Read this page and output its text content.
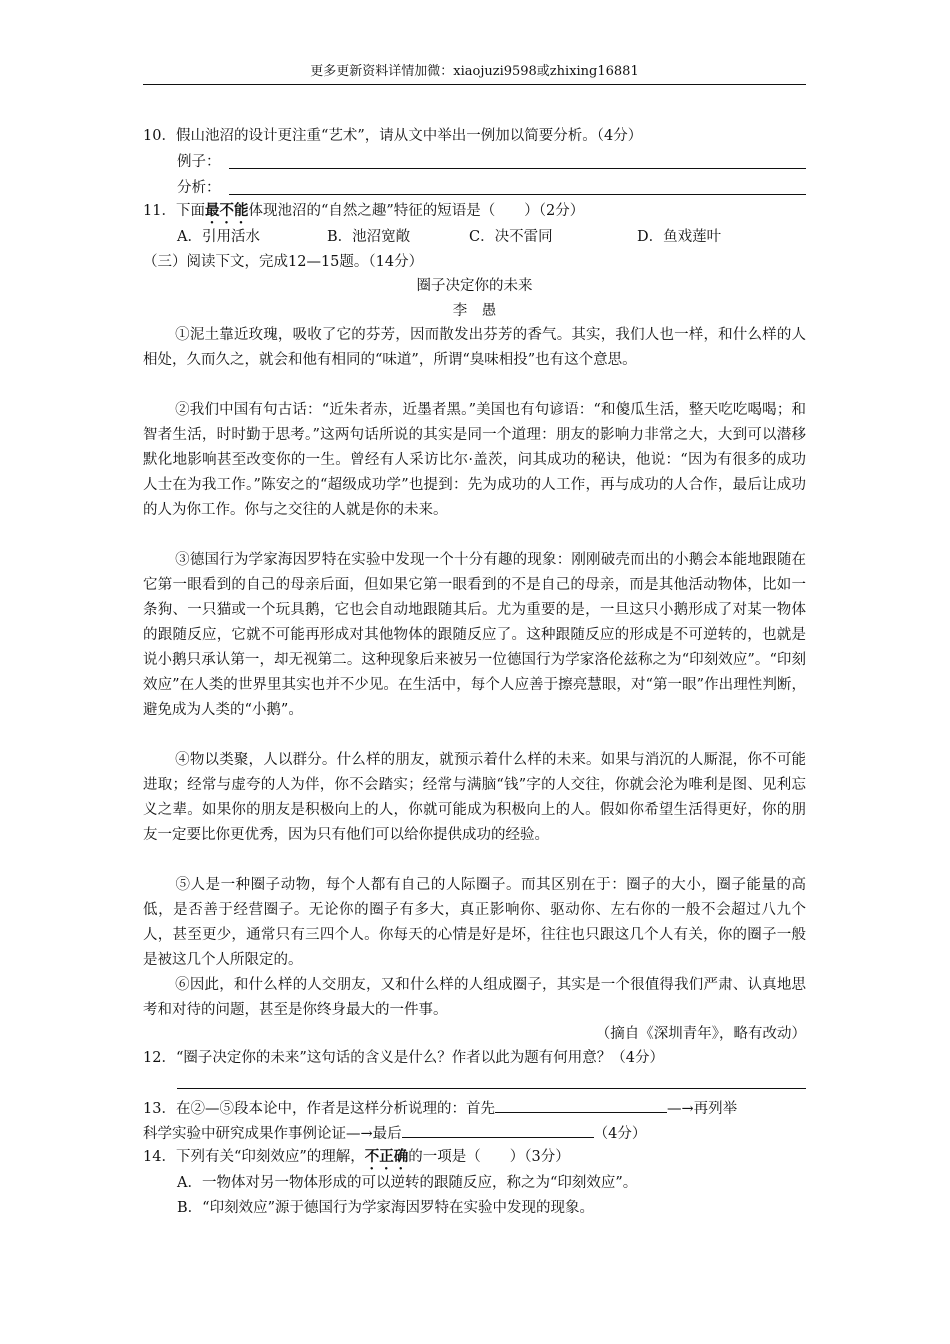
更多更新资料详情加微：xiaojuzi9598或zhixing16881
10．假山池沼的设计更注重“艺术”，请从文中举出一例加以简要分析。（4分）
例子：
分析：
11．下面最不能体现池沼的“自然之趣”特征的短语是（　　）（2分）
A．引用活水	B．池沼宽敞	C．决不雷同	D．鱼戏莲叶
（三）阅读下文，完成12—15题。（14分）
圈子决定你的未来
李　愚
①泥土靠近玫瑰，吸收了它的芬芳，因而散发出芬芳的香气。其实，我们人也一样，和什么样的人相处，久而久之，就会和他有相同的“味道”，所谓“臭味相投”也有这个意思。
②我们中国有句古话：“近朱者赤，近墨者黑。”美国也有句谚语：“和傻瓜生活，整天吃吃喝喝；和智者生活，时时勤于思考。”这两句话所说的其实是同一个道理：朋友的影响力非常之大，大到可以潜移默化地影响甚至改变你的一生。曾经有人采访比尔·盖茨，问其成功的秘诀，他说：“因为有很多的成功人士在为我工作。”陈安之的“超级成功学”也提到：先为成功的人工作，再与成功的人合作，最后让成功的人为你工作。你与之交往的人就是你的未来。
③德国行为学家海因罗特在实验中发现一个十分有趣的现象：刚刚破壳而出的小鹅会本能地跟随在它第一眼看到的自己的母亲后面，但如果它第一眼看到的不是自己的母亲，而是其他活动物体，比如一条狗、一只猫或一个玩具鹅，它也会自动地跟随其后。尤为重要的是，一旦这只小鹅形成了对某一物体的跟随反应，它就不可能再形成对其他物体的跟随反应了。这种跟随反应的形成是不可逆转的，也就是说小鹅只承认第一，却无视第二。这种现象后来被另一位德国行为学家洛伦兹称之为“印刻效应”。“印刻效应”在人类的世界里其实也并不少见。在生活中，每个人应善于擦亮慧眼，对“第一眼”作出理性判断，避免成为人类的“小鹅”。
④物以类聚，人以群分。什么样的朋友，就预示着什么样的未来。如果与消沉的人厮混，你不可能进取；经常与虚夸的人为伴，你不会踏实；经常与满脑“钱”字的人交往，你就会沦为唯利是图、见利忘义之辈。如果你的朋友是积极向上的人，你就可能成为积极向上的人。假如你希望生活得更好，你的朋友一定要比你更优秀，因为只有他们可以给你提供成功的经验。
⑤人是一种圈子动物，每个人都有自己的人际圈子。而其区别在于：圈子的大小，圈子能量的高低，是否善于经营圈子。无论你的圈子有多大，真正影响你、驱动你、左右你的一般不会超过八九个人，甚至更少，通常只有三四个人。你每天的心情是好是坏，往往也只跟这几个人有关，你的圈子一般是被这几个人所限定的。
⑥因此，和什么样的人交朋友，又和什么样的人组成圈子，其实是一个很值得我们严肃、认真地思考和对待的问题，甚至是你终身最大的一件事。
（摘自《深圳青年》，略有改动）
12．“圈子决定你的未来”这句话的含义是什么？作者以此为题有何用意？（4分）
13．在②—⑤段本论中，作者是这样分析说理的：首先	—→再列举
科学实验中研究成果作事例论证—→最后	（4分）
14．下列有关“印刻效应”的理解，不正确的一项是（　　）（3分）
A．一物体对另一物体形成的可以逆转的跟随反应，称之为“印刻效应”。
B．“印刻效应”源于德国行为学家海因罗特在实验中发现的现象。
